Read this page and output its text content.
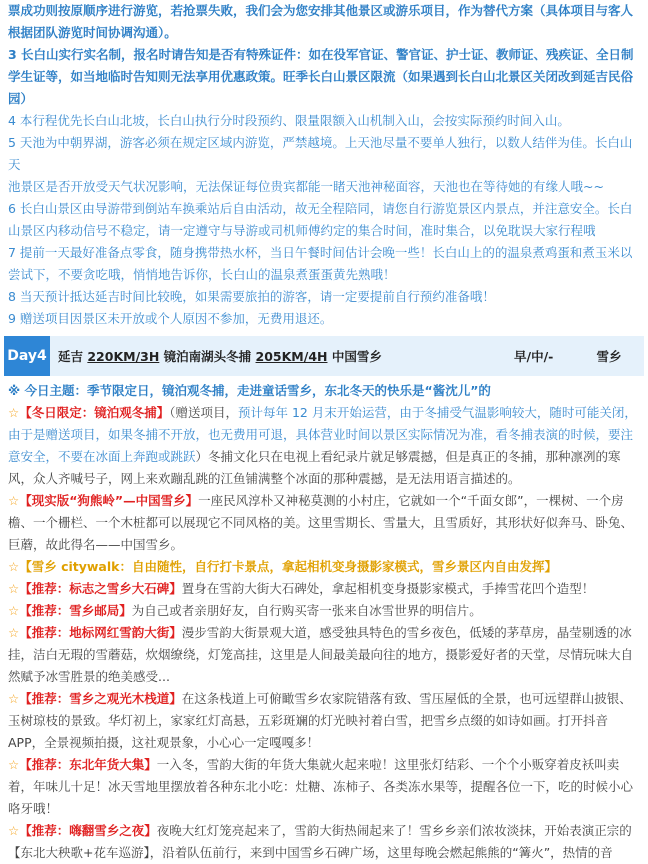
票成功则按原顺序进行游览，若抢票失败，我们会为您安排其他景区或游乐项目，作为替代方案（具体项目与客人根据团队游览时间协调沟通）。

3 长白山实行实名制，报名时请告知是否有特殊证件：如在役军官证、警官证、护士证、教师证、残疾证、全日制学生证等，如当地临时告知则无法享用优惠政策。旺季长白山景区限流（如果遇到长白山北景区关闭改到延吉民俗园）

4 本行程优先长白山北坡，长白山执行分时段预约、限量限额入山机制入山，会按实际预约时间入山。

5 天池为中朝界湖，游客必须在规定区域内游览，严禁越境。上天池尽量不要单人独行，以数人结伴为佳。长白山天

池景区是否开放受天气状况影响，无法保证每位贵宾都能一睹天池神秘面容，天池也在等待她的有缘人哦~~

6 长白山景区由导游带到倒站车换乘站后自由活动，故无全程陪同，请您自行游览景区内景点，并注意安全。长白山景区内移动信号不稳定，请一定遵守与导游或司机师傅约定的集合时间，准时集合，以免耽误大家行程哦

7 提前一天最好准备点零食，随身携带热水杯，当日午餐时间估计会晚一些！长白山上的的温泉煮鸡蛋和煮玉米以尝试下，不要贪吃哦，悄悄地告诉你，长白山的温泉煮蛋蛋黄先熟哦！

8 当天预计抵达延吉时间比较晚，如果需要旅拍的游客，请一定要提前自行预约准备哦！

9 赠送项目因景区未开放或个人原因不参加，无费用退还。

Day4 延吉 220KM/3H 镜泊南湖头冬捕 205KM/4H 中国雪乡	早/中/-	雪乡

※ 今日主题：季节限定日，镜泊观冬捕，走进童话雪乡，东北冬天的快乐是“酱沈儿”的

☆【冬日限定：镜泊观冬捕】（赠送项目，预计每年 12 月末开始运营，由于冬捕受气温影响较大，随时可能关闭，由于是赠送项目，如果冬捕不开放，也无费用可退，具体营业时间以景区实际情况为准，看冬捕表演的时候，要注意安全，不要在冰面上奔跑或跳跃）冬捕文化只在电视上看纪录片就足够震撼，但是真正的冬捕，那种凛冽的寒风，众人齐喊号子，网上来欢蹦乱跳的江鱼铺满整个冰面的那种震撼，是无法用语言描述的。

☆【现实版“狗熊岭”—中国雪乡】一座民风淳朴又神秘莫测的小村庄，它就如一个“千面女郎”，一棵树、一个房檐、一个栅栏、一个木桩都可以展现它不同风格的美。这里雪期长、雪量大，且雪质好，其形状好似奔马、卧兔、巨蘑，故此得名——中国雪乡。

☆【雪乡 citywalk：自由随性，自行打卡景点，拿起相机变身摄影家模式，雪乡景区内自由发挥】

☆【推荐：标志之雪乡大石碑】置身在雪韵大街大石碑处，拿起相机变身摄影家模式，手捧雪花凹个造型！

☆【推荐：雪乡邮局】为自己或者亲朋好友，自行购买寄一张来自冰雪世界的明信片。

☆【推荐：地标网红雪韵大街】漫步雪韵大街景观大道，感受独具特色的雪乡夜色，低矮的茅草房，晶莹剔透的冰挂，洁白无瑕的雪蘑菇，炊烟缭绕，灯笼高挂，这里是人间最美最向往的地方，摄影爱好者的天堂，尽情玩味大自然赋予冰雪胜景的绝美感受...

☆【推荐：雪乡之观光木栈道】在这条栈道上可俯瞰雪乡农家院错落有致、雪压屋低的全景，也可远望群山披银、玉树琼枝的景致。华灯初上，家家红灯高悬，五彩斑斓的灯光映衬着白雪，把雪乡点缀的如诗如画。打开抖音 APP，全景视频拍摄，这社观景象，小心心一定嘎嘎多！

☆【推荐：东北年货大集】一入冬，雪韵大街的年货大集就火起来啦！这里张灯结彩、一个个小贩穿着皮袄叫卖着，年味儿十足！冰天雪地里摆放着各种东北小吃：灶糖、冻柿子、各类冻水果等，提醒各位一下，吃的时候小心咯牙哦！

☆【推荐：嗨翻雪乡之夜】夜晚大红灯笼亮起来了，雪韵大街热闹起来了！雪乡乡亲们浓妆淡抹，开始表演正宗的【东北大秧歌+花车巡游】，沿着队伍前行，来到中国雪乡石碑广场，这里每晚会燃起熊熊的“篝火”，热情的音
